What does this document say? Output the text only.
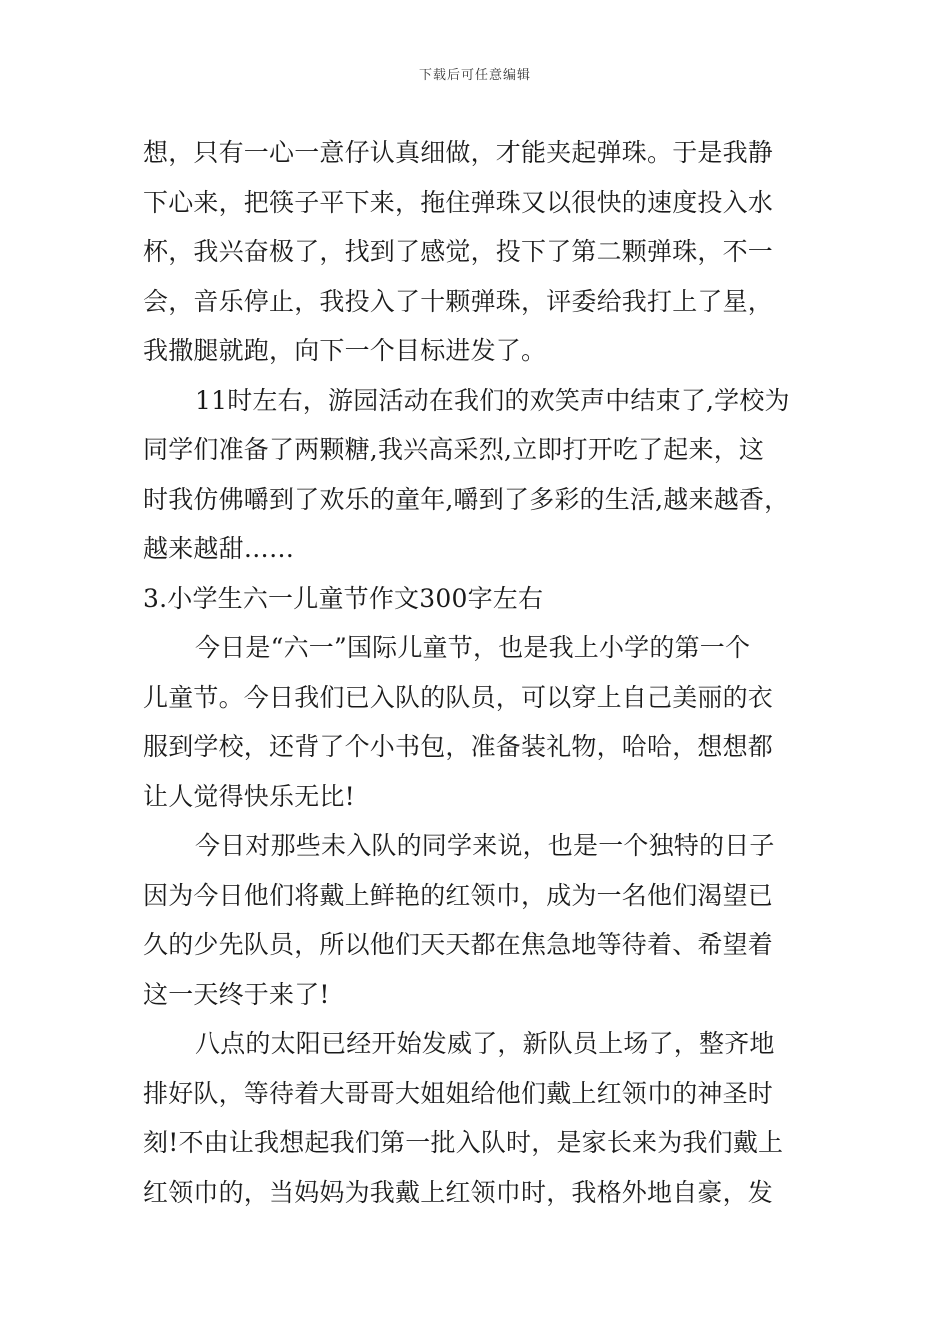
下载后可任意编辑
想，只有一心一意仔认真细做，才能夹起弹珠。于是我静
下心来，把筷子平下来，拖住弹珠又以很快的速度投入水
杯，我兴奋极了，找到了感觉，投下了第二颗弹珠，不一
会，音乐停止，我投入了十颗弹珠，评委给我打上了星，
我撒腿就跑，向下一个目标进发了。
11时左右，游园活动在我们的欢笑声中结束了,学校为
同学们准备了两颗糖,我兴高采烈,立即打开吃了起来，这
时我仿佛嚼到了欢乐的童年,嚼到了多彩的生活,越来越香，
越来越甜……
3.小学生六一儿童节作文300字左右
今日是“六一”国际儿童节，也是我上小学的第一个
儿童节。今日我们已入队的队员，可以穿上自己美丽的衣
服到学校，还背了个小书包，准备装礼物，哈哈，想想都
让人觉得快乐无比!
今日对那些未入队的同学来说，也是一个独特的日子
因为今日他们将戴上鲜艳的红领巾，成为一名他们渴望已
久的少先队员，所以他们天天都在焦急地等待着、希望着
这一天终于来了!
八点的太阳已经开始发威了，新队员上场了，整齐地
排好队，等待着大哥哥大姐姐给他们戴上红领巾的神圣时
刻!不由让我想起我们第一批入队时，是家长来为我们戴上
红领巾的，当妈妈为我戴上红领巾时，我格外地自豪，发
